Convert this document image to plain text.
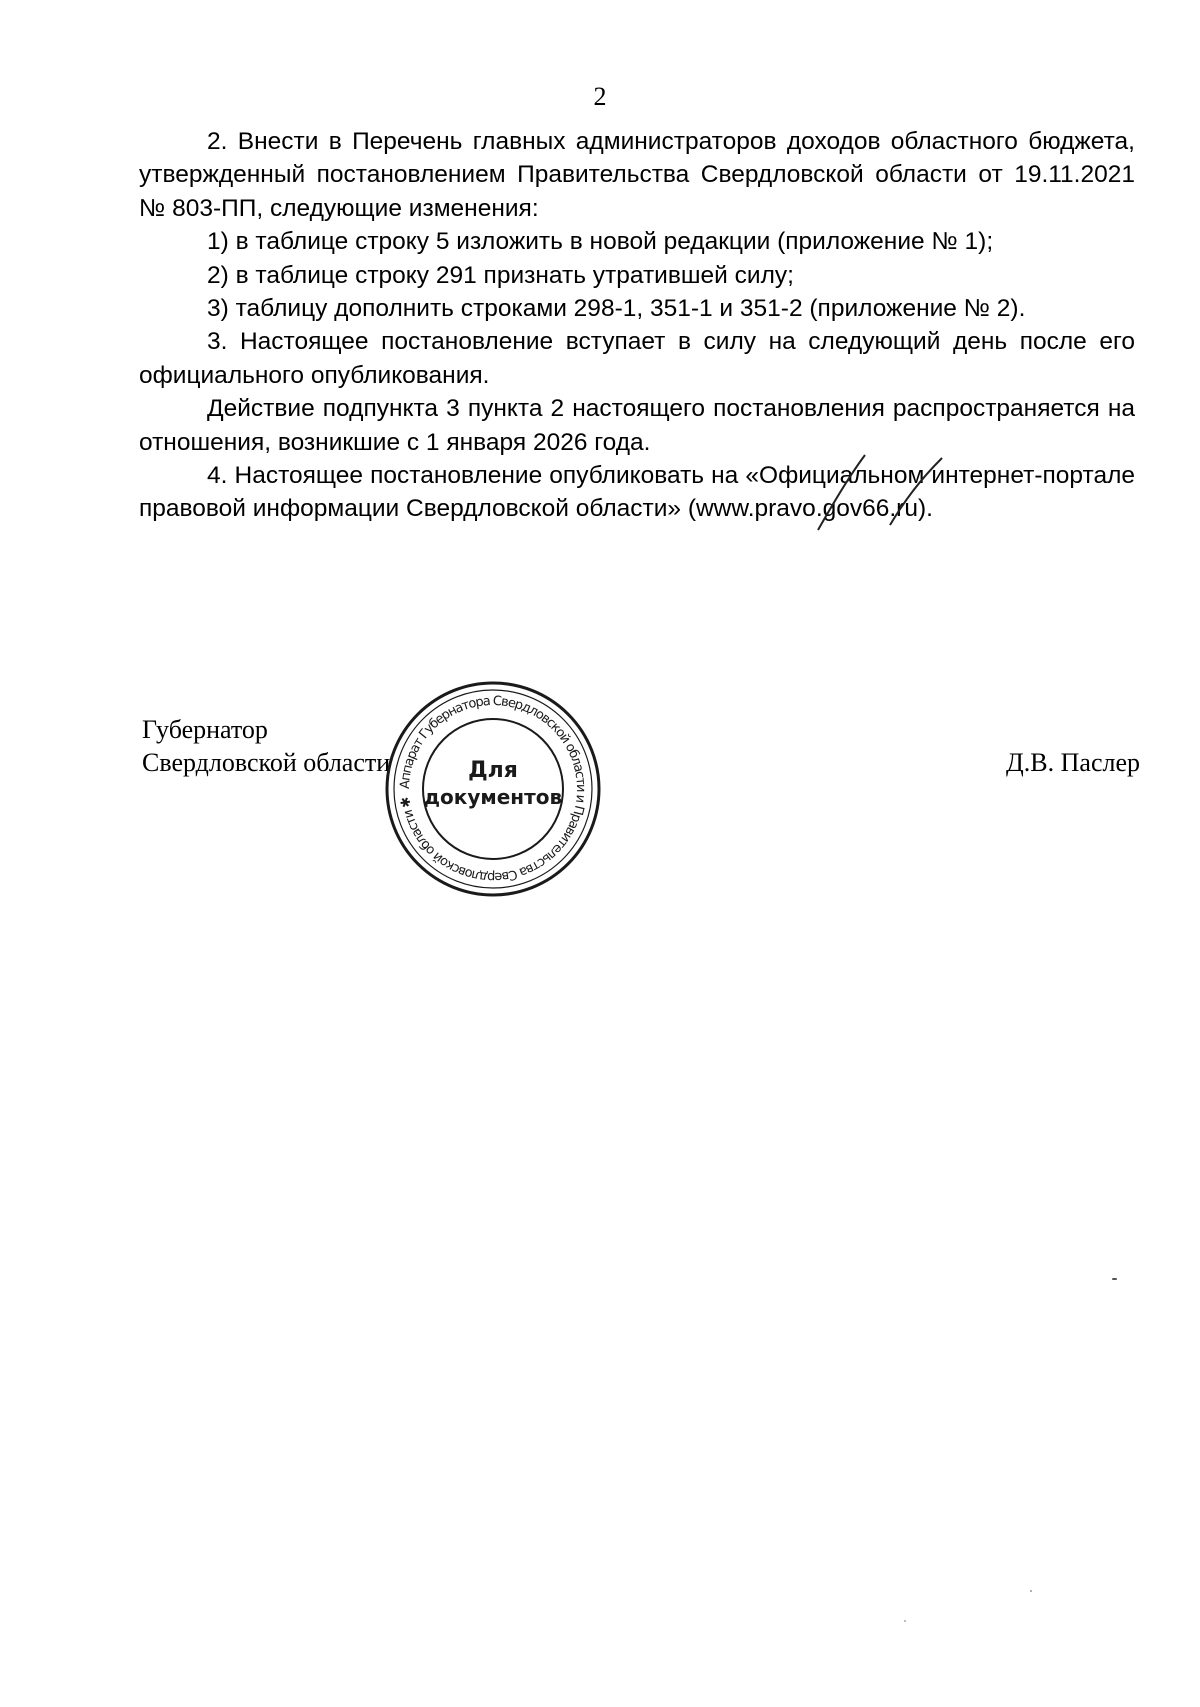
2

2. Внести в Перечень главных администраторов доходов областного бюджета, утвержденный постановлением Правительства Свердловской области от 19.11.2021 № 803-ПП, следующие изменения:

1) в таблице строку 5 изложить в новой редакции (приложение № 1);

2) в таблице строку 291 признать утратившей силу;

3) таблицу дополнить строками 298-1, 351-1 и 351-2 (приложение № 2).

3. Настоящее постановление вступает в силу на следующий день после его официального опубликования.

Действие подпункта 3 пункта 2 настоящего постановления распространяется на отношения, возникшие с 1 января 2026 года.

4. Настоящее постановление опубликовать на «Официальном интернет-портале правовой информации Свердловской области» (www.pravo.gov66.ru).

Губернатор
Свердловской области	Д.В. Паслер
Аппарат Губернатора Свердловской области и Правительства Свердловской области ✱
Для
документов
